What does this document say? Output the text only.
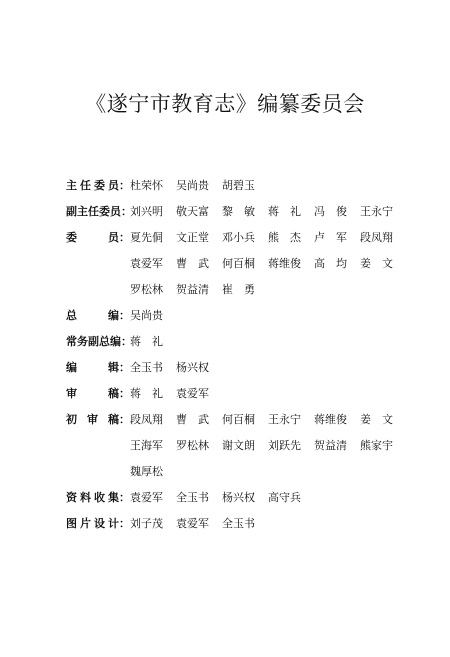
《遂宁市教育志》编纂委员会
主 任 委 员 ： 杜荣怀	吴尚贵	胡碧玉
副 主 任 委 员 ：
刘兴明	敬天富	黎　敏	蒋　礼	冯　俊	王永宁
委	员 ： 夏先侗	文正堂	邓小兵	熊　杰	卢　军	段凤翔
袁爱军	曹　武	何百桐	蒋维俊	高　均	姜　文
罗松林	贺益清	崔　勇
总	编 ： 吴尚贵
常 务 副 总 编 ：
蒋　礼
编	辑 ： 全玉书	杨兴权
审	稿 ： 蒋　礼	袁爱军
初 审 稿 ： 段凤翔	曹　武	何百桐	王永宁	蒋维俊	姜　文
王海军	罗松林	谢文朗	刘跃先	贺益清	熊家宇
魏厚松
资 料 收 集 ： 袁爱军	全玉书	杨兴权	高守兵
图 片 设 计 ： 刘子茂	袁爱军	全玉书
